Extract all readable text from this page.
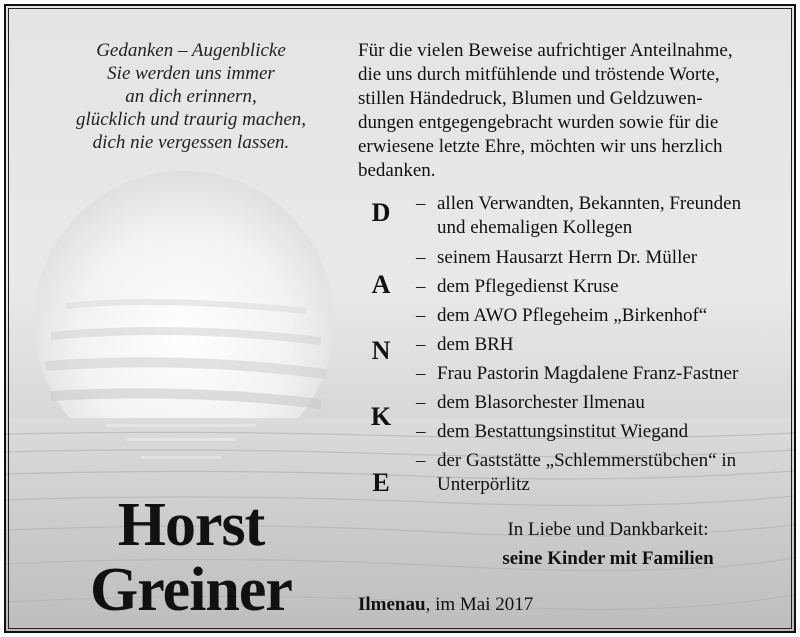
Gedanken – Augenblicke
Sie werden uns immer
an dich erinnern,
glücklich und traurig machen,
dich nie vergessen lassen.
Horst
Greiner
Für die vielen Beweise aufrichtiger Anteilnahme,
die uns durch mitfühlende und tröstende Worte,
stillen Händedruck, Blumen und Geldzuwen-
dungen entgegengebracht wurden sowie für die
erwiesene letzte Ehre, möchten wir uns herzlich
bedanken.
D
A
N
K
E
–
–
–
–
–
–
–
–
–
allen Verwandten, Bekannten, Freunden
und ehemaligen Kollegen
seinem Hausarzt Herrn Dr. Müller
dem Pflegedienst Kruse
dem AWO Pflegeheim „Birkenhof“
dem BRH
Frau Pastorin Magdalene Franz-Fastner
dem Blasorchester Ilmenau
dem Bestattungsinstitut Wiegand
der Gaststätte „Schlemmerstübchen“ in
Unterpörlitz
In Liebe und Dankbarkeit:
seine Kinder mit Familien
Ilmenau, im Mai 2017
